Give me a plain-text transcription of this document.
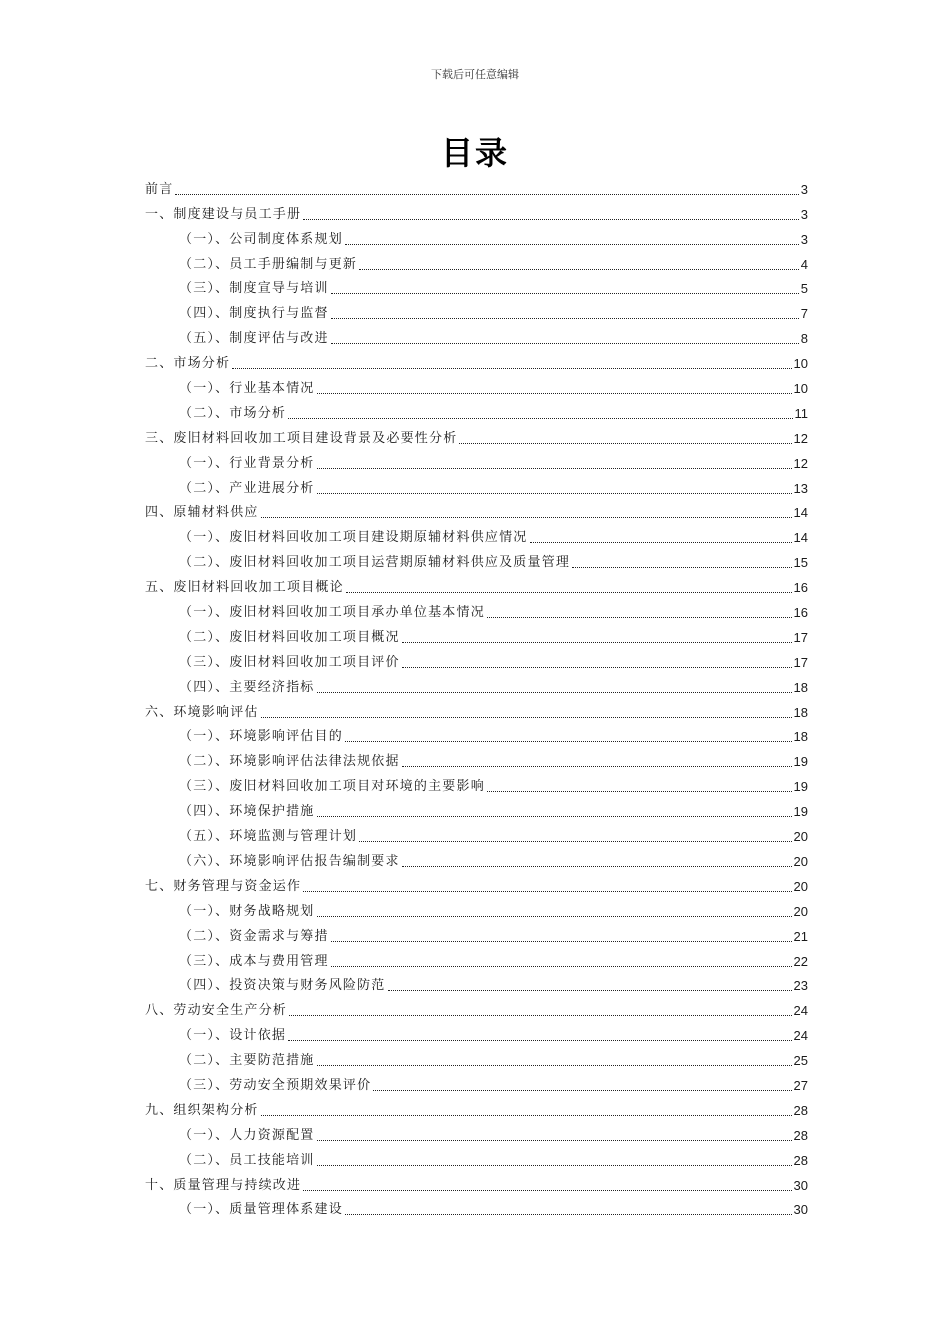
下载后可任意编辑
目录
前言	3
一、制度建设与员工手册	3
（一）、公司制度体系规划	3
（二）、员工手册编制与更新	4
（三）、制度宣导与培训	5
（四）、制度执行与监督	7
（五）、制度评估与改进	8
二、市场分析	10
（一）、行业基本情况	10
（二）、市场分析	11
三、废旧材料回收加工项目建设背景及必要性分析	12
（一）、行业背景分析	12
（二）、产业进展分析	13
四、原辅材料供应	14
（一）、废旧材料回收加工项目建设期原辅材料供应情况	14
（二）、废旧材料回收加工项目运营期原辅材料供应及质量管理	15
五、废旧材料回收加工项目概论	16
（一）、废旧材料回收加工项目承办单位基本情况	16
（二）、废旧材料回收加工项目概况	17
（三）、废旧材料回收加工项目评价	17
（四）、主要经济指标	18
六、环境影响评估	18
（一）、环境影响评估目的	18
（二）、环境影响评估法律法规依据	19
（三）、废旧材料回收加工项目对环境的主要影响	19
（四）、环境保护措施	19
（五）、环境监测与管理计划	20
（六）、环境影响评估报告编制要求	20
七、财务管理与资金运作	20
（一）、财务战略规划	20
（二）、资金需求与筹措	21
（三）、成本与费用管理	22
（四）、投资决策与财务风险防范	23
八、劳动安全生产分析	24
（一）、设计依据	24
（二）、主要防范措施	25
（三）、劳动安全预期效果评价	27
九、组织架构分析	28
（一）、人力资源配置	28
（二）、员工技能培训	28
十、质量管理与持续改进	30
（一）、质量管理体系建设	30
